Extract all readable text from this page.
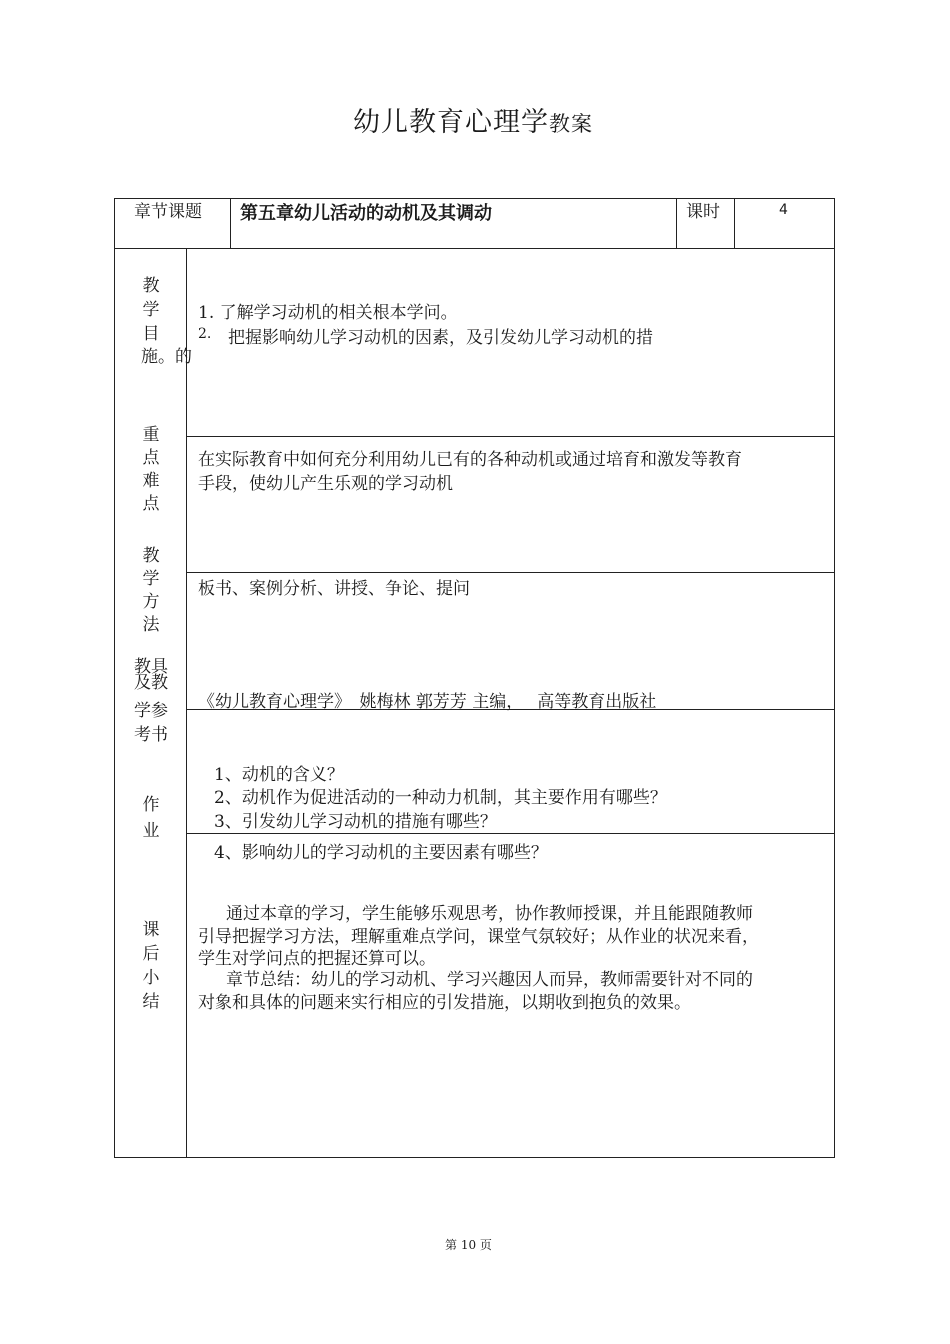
幼儿教育心理学教案
章节课题 第五章幼儿活动的动机及其调动	课时	4
教学目
施。的
1. 了解学习动机的相关根本学问。
2. 把握影响幼儿学习动机的因素，及引发幼儿学习动机的措
重点难点
在实际教育中如何充分利用幼儿已有的各种动机或通过培育和激发等教育
手段，使幼儿产生乐观的学习动机
教学方法
板书、案例分析、讲授、争论、提问
教具
及教
学参
考书
《幼儿教育心理学》　姚梅林 郭芳芳 主编，　 高等教育出版社
作业
1、动机的含义？
2、动机作为促进活动的一种动力机制，其主要作用有哪些？
3、引发幼儿学习动机的措施有哪些？
4、影响幼儿的学习动机的主要因素有哪些？
课后小结
通过本章的学习，学生能够乐观思考，协作教师授课，并且能跟随教师
引导把握学习方法，理解重难点学问，课堂气氛较好；从作业的状况来看，
学生对学问点的把握还算可以。
章节总结：幼儿的学习动机、学习兴趣因人而异，教师需要针对不同的
对象和具体的问题来实行相应的引发措施，以期收到抱负的效果。
第 10 页
